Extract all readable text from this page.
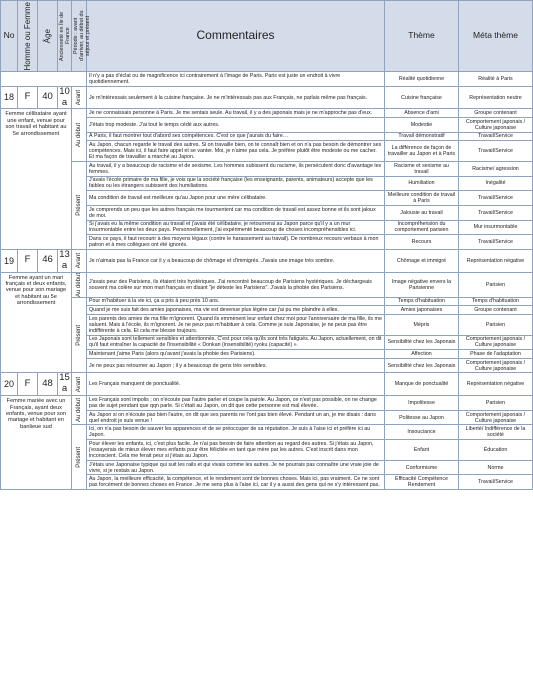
No	Homme ou Femme	Âge	Ancienneté en Île de France	Période : avant d'arriver, au début du séjour et présent	Commentaires	Thème	Méta thème
					Il n'y a pas d'éclat ou de magnificence ici contrairement à l'image de Paris. Paris est juste un endroit à vivre quotidiennement.	Réalité quotidienne	Réalité à Paris
18	F	40	10 a	Avant	Je m'intéressais seulement à la cuisine française. Je ne m'intéressais pas aux Français, ne parlais même pas français.	Cuisine française	Représentation neutre
Femme célibataire ayant une enfant, venue pour son travail et habitant au 5e arrondissement				Au début	Je ne connaissais personne à Paris. Je me sentais seule. Au travail, il y a des japonais mais je ne m'approche pas d'eux.	Absence d'ami	Groupe contenant
					J'étais trop modeste. J'ai tout le temps cédé aux autres.	Modestie	Comportement japonais / Culture japonaise
					À Paris, il faut montrer tout d'abord ses compétences. C'est ce que j'aurais du faire…	Travail démonstratif	Travail/Service
					Au Japon, chacun regarde le travail des autres. Si on travaille bien, on te connaît bien et on n'a pas besoin de démontrer ses compétences. Mais ici, il faut faire appel et se vanter. Moi, je n'aime pas cela. Je préfère plutôt être modeste ou me cacher. Et ma façon de travailler a marché au Japon.	La différence de façon de travailler au Japon et à Paris	Travail/Service

				Présent	Au travail, il y a beaucoup de racisme et de sexisme. Les hommes subissent du racisme, ils persécutent donc d'avantage les femmes.	Racisme et sexisme au travail	Racisme/ agression
					J'avais l'école primaire de ma fille, je vois que la société française (les enseignants, parents, animateurs) accepte que les faibles ou les étrangers subissent des humiliations.	Humiliation	Inégalité
					Ma condition de travail est meilleure qu'au Japon pour une mère célibataire.	Meilleure condition de travail à Paris	Travail/Service
					Je comprends un peu que les autres français me tourmentent car ma condition de travail est assez bonne et ils sont jaloux de moi.	Jalousie au travail	Travail/Service
					Si j'avais eu la même condition au travail et j'avais été célibataire, je retournerai au Japon parce qu'il y a un mur insurmontable entre les deux pays. Personnellement, j'ai expérimenté beaucoup de choses incompréhensibles ici.	Incompréhension du comportement parisien	Mur insurmontable
					Dans ce pays, il faut recourir à des moyens légaux (contre le harassement au travail). De nombreux recours verbaux à mon patron et à mes collègues ont été ignorés.	Recours	Travail/Service
19	F	46	13 a	Avant	Je n'aimais pas la France car il y a beaucoup de chômage et d'immigrés. J'avais une image très sombre.	Chômage et immigré	Représentation négative
Femme ayant un mari français et deux enfants, venue pour son mariage et habitant au 5e arrondissement				Au début	J'avais peur des Parisiens, ils étaient très hystériques. J'ai rencontré beaucoup de Parisiens hystériques. Je déchargeais souvent ma colère sur mon mari français en disant "je déteste les Parisiens". J'avais la phobie des Parisiens.	Image négative envers la Parisienne	Parisien

				Présent	Pour m'habituer à la vie ici, ça a pris à peu près 10 ans.	Temps d'habituation	Temps d'habituation
					Quand je me suis fait des amies japonaises, ma vie est devenue plus légère car j'ai pu me plaindre à elles.	Amies japonaises	Groupe contenant
					Les parents des amies de ma fille m'ignorent. Quand ils emmènent leur enfant chez moi pour l'anniversaire de ma fille, ils me saluent. Mais à l'école, ils m'ignorent. Je ne peux pas m'habituer à cela. Comme je suis Japonaise, je ne peux pas être indifférente à cela. Et cela me blesse toujours.	Mépris	Parisien
					Les Japonais sont tellement sensibles et attentionnés. C'est pour cela qu'ils sont très fatigués. Au Japon, actuellement, on dit qu'il faut entraîner la capacité de l'insensibilité « Donkan (insensibilité) ryoku (capacité) ».	Sensibilité chez les Japonais	Comportement japonais / Culture japonaise
					Maintenant j'aime Paris (alors qu'avant j'avais la phobie des Parisiens).	Affection	Phase de l'adaptation
					Je ne peux pas retourner au Japon ; il y a beaucoup de gens très sensibles.	Sensibilité chez les Japonais	Comportement japonais / Culture japonaise
20	F	48	15 a	Avant	Les Français manquent de ponctualité.	Manque de ponctualité	Représentation négative
Femme mariée avec un Français, ayant deux enfants, venue pour son mariage et habitant en banlieue sud				Au début	Les Français sont impolis ; on n'écoute pas l'autre parler et coupe la parole. Au Japon, ce n'est pas possible, on ne change pas de sujet pendant que qqn parle. Si c'était au Japon, on dit que cette personne est mal élevée.	Impolitesse	Parisien
					Au Japon si on n'écoute pas bien l'autre, on dit que ses parents ne l'ont pas bien élevé. Pendant un an, je me disais : dans quel endroit je suis venue !	Politesse au Japon	Comportement japonais / Culture japonaise

				Présent	Ici, on n'a pas besoin de sauver les apparences et de se préoccuper de sa réputation. Je suis à l'aise ici et préfère ici au Japon.	Insouciance	Liberté/ Indifférence de la société
					Pour élever les enfants, ici, c'est plus facile. Je n'ai pas besoin de faire attention au regard des autres. Si j'étais au Japon, j'essayerais de mieux élever mes enfants pour être félicitée en tant que mère par les autres. C'est inscrit dans mon inconscient. Cela me ferait peur si j'étais au Japon.	Enfant	Éducation
					J'étais une Japonaise typique qui suit les rails et qui vivais comme les autres. Je ne pourrais pas connaître une vraie joie de vivre, si je restais au Japon.	Conformisme	Norme
					Au Japon, la meilleure efficacité, la compétence, et le rendement sont de bonnes choses. Mais ici, pas vraiment. Ce ne sont pas forcément de bonnes choses en France. Je me sens plus à l'aise ici, car il y a aussi des gens qui ne s'y intéressent pas.	Efficacité Compétence Rendement	Travail/Service
